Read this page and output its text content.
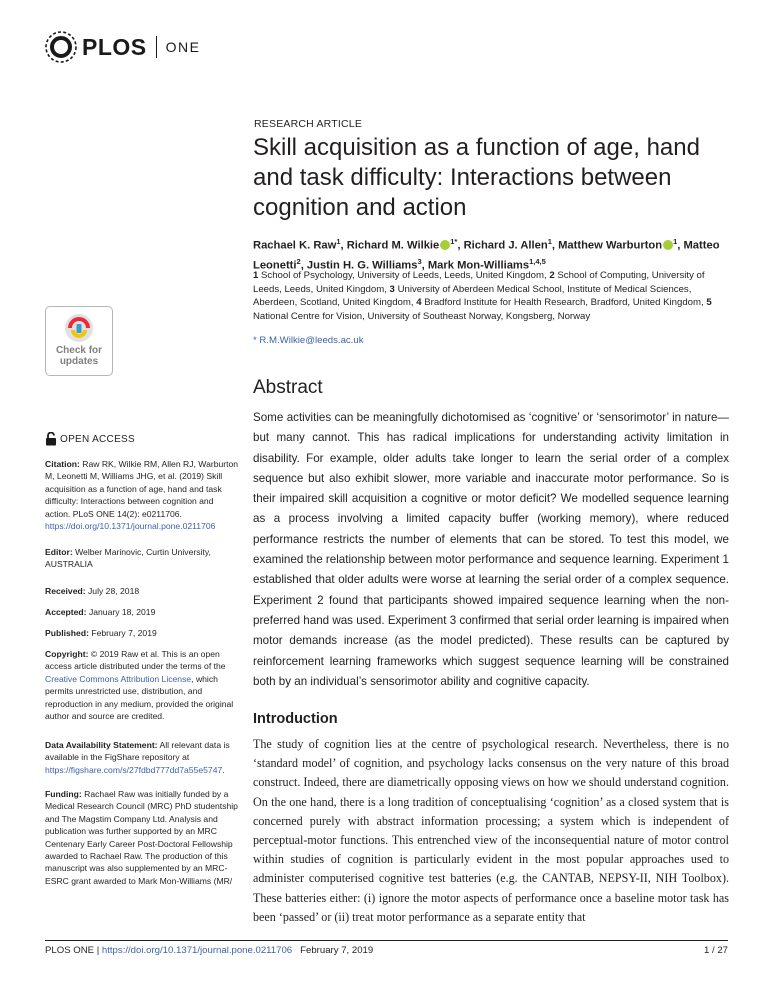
PLOS ONE
RESEARCH ARTICLE
Skill acquisition as a function of age, hand and task difficulty: Interactions between cognition and action
Rachael K. Raw$^1$, Richard M. Wilkie $^{1*}$, Richard J. Allen$^1$, Matthew Warburton $^1$, Matteo Leonetti$^2$, Justin H. G. Williams$^3$, Mark Mon-Williams$^{1,4,5}$
1 School of Psychology, University of Leeds, Leeds, United Kingdom, 2 School of Computing, University of Leeds, Leeds, United Kingdom, 3 University of Aberdeen Medical School, Institute of Medical Sciences, Aberdeen, Scotland, United Kingdom, 4 Bradford Institute for Health Research, Bradford, United Kingdom, 5 National Centre for Vision, University of Southeast Norway, Kongsberg, Norway
* R.M.Wilkie@leeds.ac.uk
Check for
updates
Abstract
Some activities can be meaningfully dichotomised as ‘cognitive’ or ‘sensorimotor’ in nature—but many cannot. This has radical implications for understanding activity limitation in disability. For example, older adults take longer to learn the serial order of a complex sequence but also exhibit slower, more variable and inaccurate motor performance. So is their impaired skill acquisition a cognitive or motor deficit? We modelled sequence learning as a process involving a limited capacity buffer (working memory), where reduced performance restricts the number of elements that can be stored. To test this model, we examined the relationship between motor performance and sequence learning. Experiment 1 established that older adults were worse at learning the serial order of a complex sequence. Experiment 2 found that participants showed impaired sequence learning when the non-preferred hand was used. Experiment 3 confirmed that serial order learning is impaired when motor demands increase (as the model predicted). These results can be captured by reinforcement learning frameworks which suggest sequence learning will be constrained both by an individual’s sensorimotor ability and cognitive capacity.
OPEN ACCESS
Citation: Raw RK, Wilkie RM, Allen RJ, Warburton M, Leonetti M, Williams JHG, et al. (2019) Skill acquisition as a function of age, hand and task difficulty: Interactions between cognition and action. PLoS ONE 14(2): e0211706. https://doi.org/10.1371/journal.pone.0211706
Editor: Welber Marinovic, Curtin University, AUSTRALIA
Received: July 28, 2018
Accepted: January 18, 2019
Published: February 7, 2019
Copyright: © 2019 Raw et al. This is an open access article distributed under the terms of the Creative Commons Attribution License, which permits unrestricted use, distribution, and reproduction in any medium, provided the original author and source are credited.
Data Availability Statement: All relevant data is available in the FigShare repository at https://figshare.com/s/27fdbd777dd7a55e5747.
Funding: Rachael Raw was initially funded by a Medical Research Council (MRC) PhD studentship and The Magstim Company Ltd. Analysis and publication was further supported by an MRC Centenary Early Career Post-Doctoral Fellowship awarded to Rachael Raw. The production of this manuscript was also supplemented by an MRC-ESRC grant awarded to Mark Mon-Williams (MR/
Introduction
The study of cognition lies at the centre of psychological research. Nevertheless, there is no ‘standard model’ of cognition, and psychology lacks consensus on the very nature of this broad construct. Indeed, there are diametrically opposing views on how we should understand cognition. On the one hand, there is a long tradition of conceptualising ‘cognition’ as a closed system that is concerned purely with abstract information processing; a system which is independent of perceptual-motor functions. This entrenched view of the inconsequential nature of motor control within studies of cognition is particularly evident in the most popular approaches used to administer computerised cognitive test batteries (e.g. the CANTAB, NEPSY-II, NIH Toolbox). These batteries either: (i) ignore the motor aspects of performance once a baseline motor task has been ‘passed’ or (ii) treat motor performance as a separate entity that
PLOS ONE | https://doi.org/10.1371/journal.pone.0211706 February 7, 2019	1 / 27
